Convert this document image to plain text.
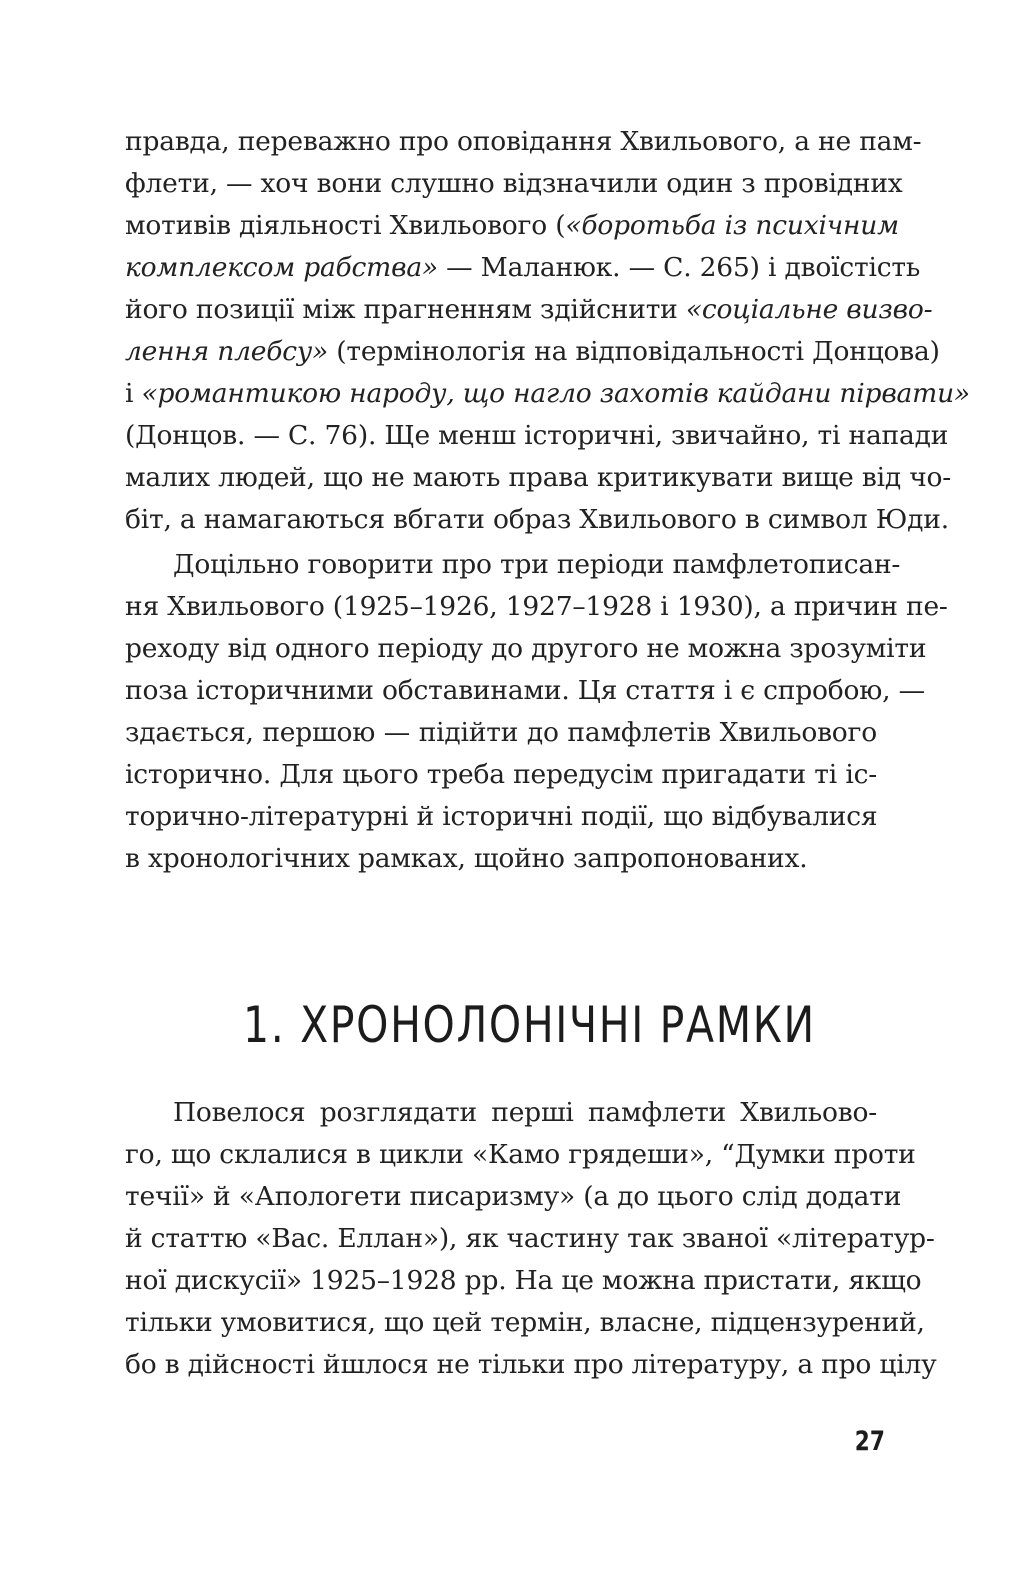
правда, переважно про оповідання Хвильового, а не пам-
флети, — хоч вони слушно відзначили один з провідних
мотивів діяльності Хвильового («боротьба із психічним
комплексом рабства» — Маланюк. — С. 265) і двоїстість
його позиції між прагненням здійснити «соціальне визво-
лення плебсу» (термінологія на відповідальності Донцова)
і «романтикою народу, що нагло захотів кайдани пірвати»
(Донцов. — С. 76). Ще менш історичні, звичайно, ті напади
малих людей, що не мають права критикувати вище від чо-
біт, а намагаються вбгати образ Хвильового в символ Юди.
Доцільно говорити про три періоди памфлетописан-
ня Хвильового (1925–1926, 1927–1928 і 1930), а причин пе-
реходу від одного періоду до другого не можна зрозуміти
поза історичними обставинами. Ця стаття і є спробою, —
здається, першою — підійти до памфлетів Хвильового
історично. Для цього треба передусім пригадати ті іс-
торично-літературні й історичні події, що відбувалися
в хронологічних рамках, щойно запропонованих.
1. ХРОНОЛОНІЧНІ РАМКИ
Повелося розглядати перші памфлети Хвильово-
го, що склалися в цикли «Камо грядеши», “Думки проти
течії» й «Апологети писаризму» (а до цього слід додати
й статтю «Вас. Еллан»), як частину так званої «літератур-
ної дискусії» 1925–1928 рр. На це можна пристати, якщо
тільки умовитися, що цей термін, власне, підцензурений,
бо в дійсності йшлося не тільки про літературу, а про цілу
27
